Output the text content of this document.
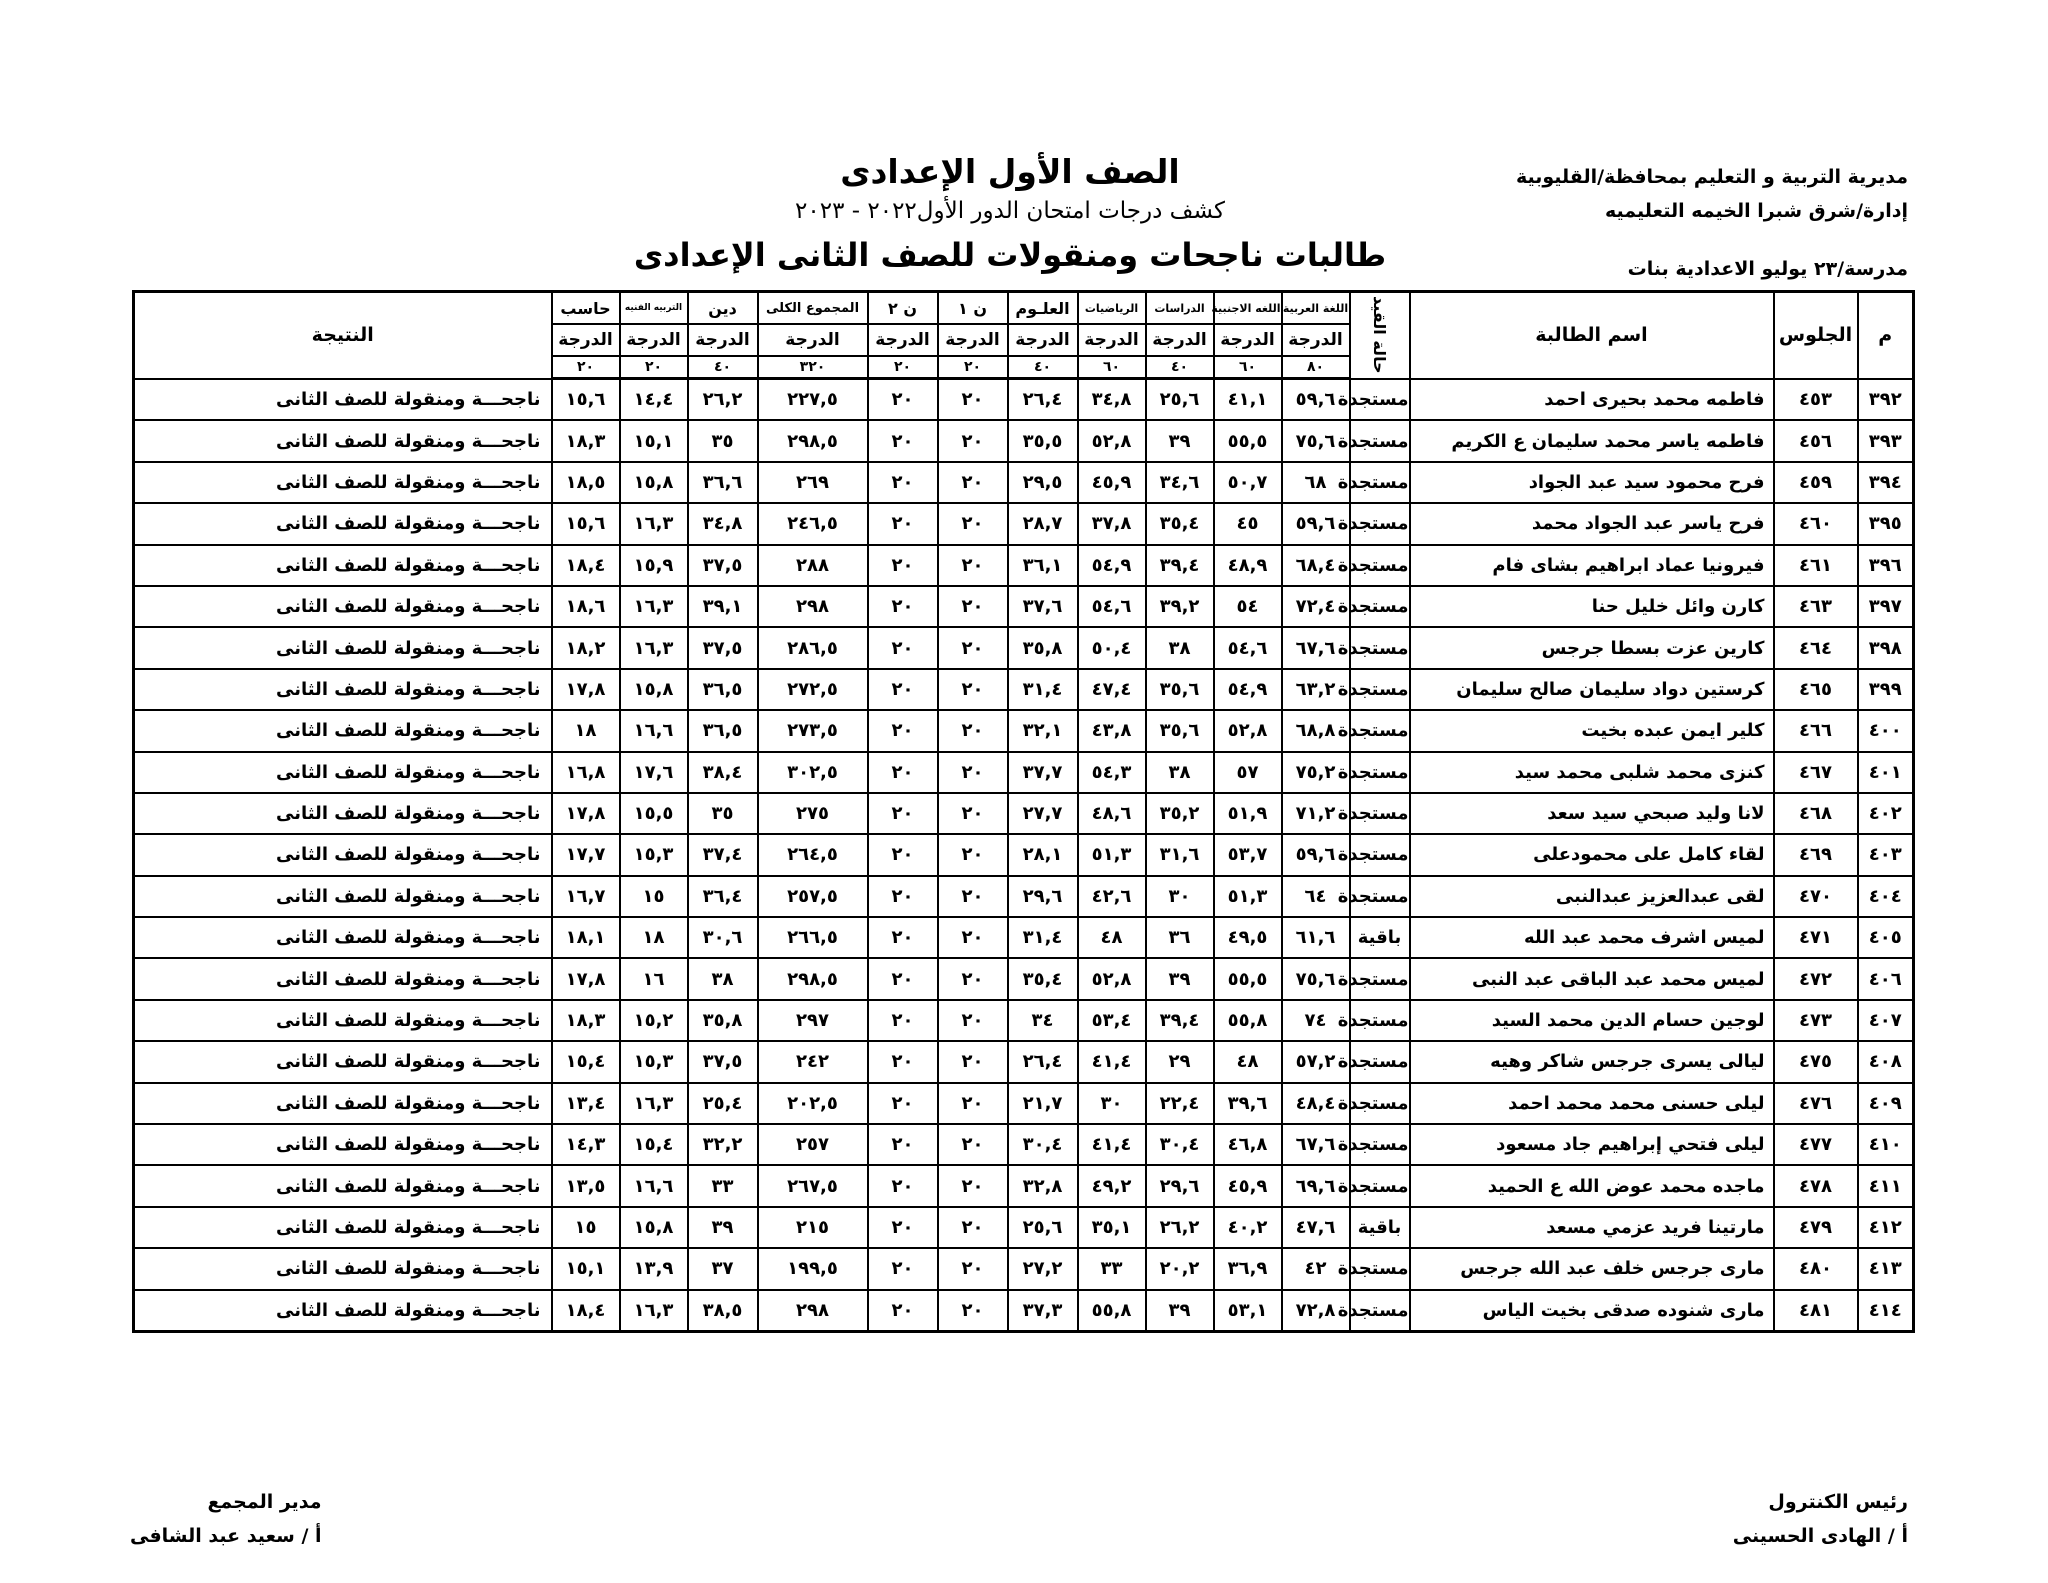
مديرية التربية و التعليم بمحافظة/القليوبية
إدارة/شرق شبرا الخيمه التعليميه
مدرسة/٢٣ يوليو الاعدادية بنات
الصف الأول الإعدادى
كشف درجات امتحان الدور الأول٢٠٢٢ - ٢٠٢٣
طالبات ناجحات ومنقولات للصف الثانى الإعدادى
م	الجلوس	اسم الطالبة	حالة القيد	اللغة العربية	اللغه الاجنبية	الدراسات	الرياضيات	العلـوم	ن ١	ن ٢	المجموع الكلى	دين	التربيه الفنيه	حاسب	النتيجة
				الدرجة	الدرجة	الدرجة	الدرجة	الدرجة	الدرجة	الدرجة	الدرجة	الدرجة	الدرجة	الدرجة	
				٨٠	٦٠	٤٠	٦٠	٤٠	٢٠	٢٠	٣٢٠	٤٠	٢٠	٢٠	
٣٩٢	٤٥٣	فاطمه محمد بحيرى احمد	مستجدة	٥٩,٦	٤١,١	٢٥,٦	٣٤,٨	٢٦,٤	٢٠	٢٠	٢٢٧,٥	٢٦,٢	١٤,٤	١٥,٦	ناجحـــة ومنقولة للصف الثانى
٣٩٣	٤٥٦	فاطمه ياسر محمد سليمان ع الكريم	مستجدة	٧٥,٦	٥٥,٥	٣٩	٥٢,٨	٣٥,٥	٢٠	٢٠	٢٩٨,٥	٣٥	١٥,١	١٨,٣	ناجحـــة ومنقولة للصف الثانى
٣٩٤	٤٥٩	فرح محمود سيد عبد الجواد	مستجدة	٦٨	٥٠,٧	٣٤,٦	٤٥,٩	٢٩,٥	٢٠	٢٠	٢٦٩	٣٦,٦	١٥,٨	١٨,٥	ناجحـــة ومنقولة للصف الثانى
٣٩٥	٤٦٠	فرح ياسر عبد الجواد محمد	مستجدة	٥٩,٦	٤٥	٣٥,٤	٣٧,٨	٢٨,٧	٢٠	٢٠	٢٤٦,٥	٣٤,٨	١٦,٣	١٥,٦	ناجحـــة ومنقولة للصف الثانى
٣٩٦	٤٦١	فيرونيا عماد ابراهيم بشاى فام	مستجدة	٦٨,٤	٤٨,٩	٣٩,٤	٥٤,٩	٣٦,١	٢٠	٢٠	٢٨٨	٣٧,٥	١٥,٩	١٨,٤	ناجحـــة ومنقولة للصف الثانى
٣٩٧	٤٦٣	كارن وائل خليل حنا	مستجدة	٧٢,٤	٥٤	٣٩,٢	٥٤,٦	٣٧,٦	٢٠	٢٠	٢٩٨	٣٩,١	١٦,٣	١٨,٦	ناجحـــة ومنقولة للصف الثانى
٣٩٨	٤٦٤	كارين عزت بسطا جرجس	مستجدة	٦٧,٦	٥٤,٦	٣٨	٥٠,٤	٣٥,٨	٢٠	٢٠	٢٨٦,٥	٣٧,٥	١٦,٣	١٨,٢	ناجحـــة ومنقولة للصف الثانى
٣٩٩	٤٦٥	كرستين دواد سليمان صالح سليمان	مستجدة	٦٣,٢	٥٤,٩	٣٥,٦	٤٧,٤	٣١,٤	٢٠	٢٠	٢٧٢,٥	٣٦,٥	١٥,٨	١٧,٨	ناجحـــة ومنقولة للصف الثانى
٤٠٠	٤٦٦	كلير ايمن عبده بخيت	مستجدة	٦٨,٨	٥٢,٨	٣٥,٦	٤٣,٨	٣٢,١	٢٠	٢٠	٢٧٣,٥	٣٦,٥	١٦,٦	١٨	ناجحـــة ومنقولة للصف الثانى
٤٠١	٤٦٧	كنزى محمد شلبى محمد سيد	مستجدة	٧٥,٢	٥٧	٣٨	٥٤,٣	٣٧,٧	٢٠	٢٠	٣٠٢,٥	٣٨,٤	١٧,٦	١٦,٨	ناجحـــة ومنقولة للصف الثانى
٤٠٢	٤٦٨	لانا وليد صبحي سيد سعد	مستجدة	٧١,٢	٥١,٩	٣٥,٢	٤٨,٦	٢٧,٧	٢٠	٢٠	٢٧٥	٣٥	١٥,٥	١٧,٨	ناجحـــة ومنقولة للصف الثانى
٤٠٣	٤٦٩	لقاء كامل على محمودعلى	مستجدة	٥٩,٦	٥٣,٧	٣١,٦	٥١,٣	٢٨,١	٢٠	٢٠	٢٦٤,٥	٣٧,٤	١٥,٣	١٧,٧	ناجحـــة ومنقولة للصف الثانى
٤٠٤	٤٧٠	لقى عبدالعزيز عبدالنبى	مستجدة	٦٤	٥١,٣	٣٠	٤٢,٦	٢٩,٦	٢٠	٢٠	٢٥٧,٥	٣٦,٤	١٥	١٦,٧	ناجحـــة ومنقولة للصف الثانى
٤٠٥	٤٧١	لميس اشرف محمد عبد الله	باقية	٦١,٦	٤٩,٥	٣٦	٤٨	٣١,٤	٢٠	٢٠	٢٦٦,٥	٣٠,٦	١٨	١٨,١	ناجحـــة ومنقولة للصف الثانى
٤٠٦	٤٧٢	لميس محمد عبد الباقى عبد النبى	مستجدة	٧٥,٦	٥٥,٥	٣٩	٥٢,٨	٣٥,٤	٢٠	٢٠	٢٩٨,٥	٣٨	١٦	١٧,٨	ناجحـــة ومنقولة للصف الثانى
٤٠٧	٤٧٣	لوجين حسام الدين محمد السيد	مستجدة	٧٤	٥٥,٨	٣٩,٤	٥٣,٤	٣٤	٢٠	٢٠	٢٩٧	٣٥,٨	١٥,٢	١٨,٣	ناجحـــة ومنقولة للصف الثانى
٤٠٨	٤٧٥	ليالى يسرى جرجس شاكر وهيه	مستجدة	٥٧,٢	٤٨	٢٩	٤١,٤	٢٦,٤	٢٠	٢٠	٢٤٢	٣٧,٥	١٥,٣	١٥,٤	ناجحـــة ومنقولة للصف الثانى
٤٠٩	٤٧٦	ليلى حسنى محمد محمد احمد	مستجدة	٤٨,٤	٣٩,٦	٢٢,٤	٣٠	٢١,٧	٢٠	٢٠	٢٠٢,٥	٢٥,٤	١٦,٣	١٣,٤	ناجحـــة ومنقولة للصف الثانى
٤١٠	٤٧٧	ليلى فتحي إبراهيم جاد مسعود	مستجدة	٦٧,٦	٤٦,٨	٣٠,٤	٤١,٤	٣٠,٤	٢٠	٢٠	٢٥٧	٣٢,٢	١٥,٤	١٤,٣	ناجحـــة ومنقولة للصف الثانى
٤١١	٤٧٨	ماجده محمد عوض الله ع الحميد	مستجدة	٦٩,٦	٤٥,٩	٢٩,٦	٤٩,٢	٣٢,٨	٢٠	٢٠	٢٦٧,٥	٣٣	١٦,٦	١٣,٥	ناجحـــة ومنقولة للصف الثانى
٤١٢	٤٧٩	مارتينا فريد عزمي مسعد	باقية	٤٧,٦	٤٠,٢	٢٦,٢	٣٥,١	٢٥,٦	٢٠	٢٠	٢١٥	٣٩	١٥,٨	١٥	ناجحـــة ومنقولة للصف الثانى
٤١٣	٤٨٠	مارى جرجس خلف عبد الله جرجس	مستجدة	٤٢	٣٦,٩	٢٠,٢	٣٣	٢٧,٢	٢٠	٢٠	١٩٩,٥	٣٧	١٣,٩	١٥,١	ناجحـــة ومنقولة للصف الثانى
٤١٤	٤٨١	مارى شنوده صدقى بخيت الياس	مستجدة	٧٢,٨	٥٣,١	٣٩	٥٥,٨	٣٧,٣	٢٠	٢٠	٢٩٨	٣٨,٥	١٦,٣	١٨,٤	ناجحـــة ومنقولة للصف الثانى
رئيس الكنترول
أ / الهادى الحسينى
مدير المجمع
أ / سعيد عبد الشافى
